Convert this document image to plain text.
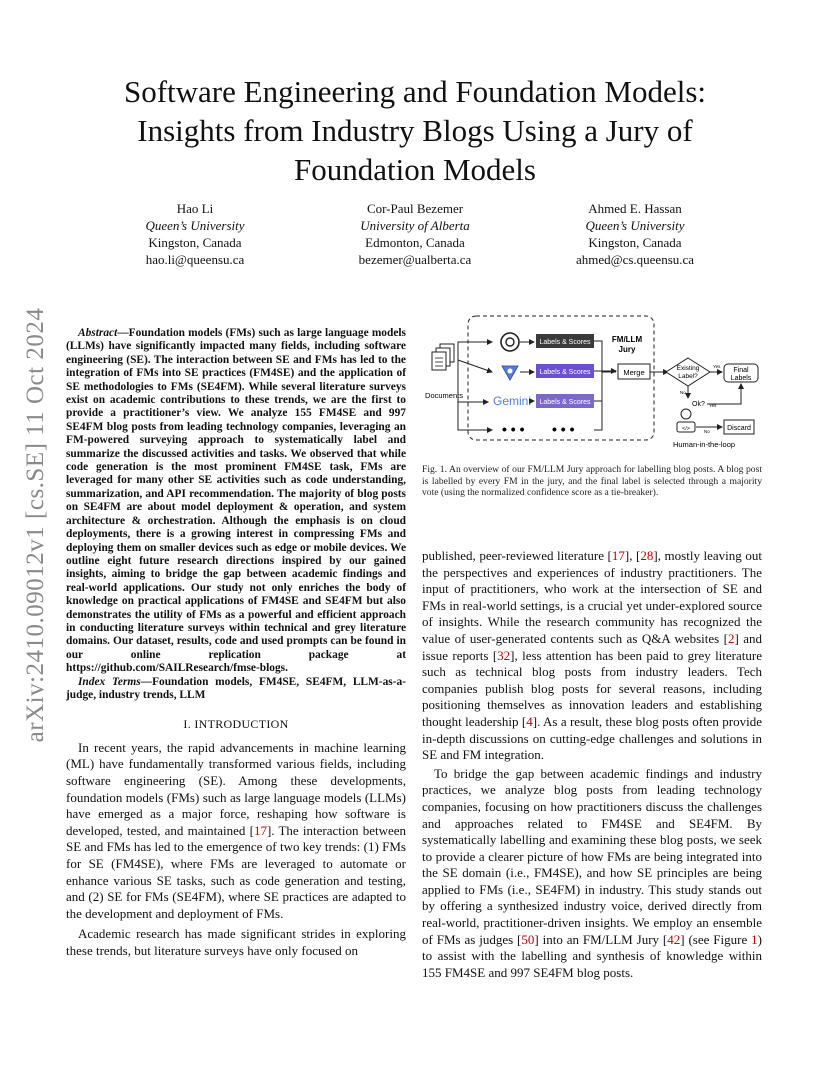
arXiv:2410.09012v1 [cs.SE] 11 Oct 2024
Software Engineering and Foundation Models:
Insights from Industry Blogs Using a Jury of
Foundation Models
Hao Li
Queen’s University
Kingston, Canada
hao.li@queensu.ca
Cor-Paul Bezemer
University of Alberta
Edmonton, Canada
bezemer@ualberta.ca
Ahmed E. Hassan
Queen’s University
Kingston, Canada
ahmed@cs.queensu.ca

Abstract—Foundation models (FMs) such as large language models (LLMs) have significantly impacted many fields, including software engineering (SE). The interaction between SE and FMs has led to the integration of FMs into SE practices (FM4SE) and the application of SE methodologies to FMs (SE4FM). While several literature surveys exist on academic contributions to these trends, we are the first to provide a practitioner’s view. We analyze 155 FM4SE and 997 SE4FM blog posts from leading technology companies, leveraging an FM-powered surveying approach to systematically label and summarize the discussed activities and tasks. We observed that while code generation is the most prominent FM4SE task, FMs are leveraged for many other SE activities such as code understanding, summarization, and API recommendation. The majority of blog posts on SE4FM are about model deployment & operation, and system architecture & orchestration. Although the emphasis is on cloud deployments, there is a growing interest in compressing FMs and deploying them on smaller devices such as edge or mobile devices. We outline eight future research directions inspired by our gained insights, aiming to bridge the gap between academic findings and real-world applications. Our study not only enriches the body of knowledge on practical applications of FM4SE and SE4FM but also demonstrates the utility of FMs as a powerful and efficient approach in conducting literature surveys within technical and grey literature domains. Our dataset, results, code and used prompts can be found in our online replication package at https://github.com/SAILResearch/fmse-blogs.

Index Terms—Foundation models, FM4SE, SE4FM, LLM-as-a-judge, industry trends, LLM

I. INTRODUCTION

In recent years, the rapid advancements in machine learning (ML) have fundamentally transformed various fields, including software engineering (SE). Among these developments, foundation models (FMs) such as large language models (LLMs) have emerged as a major force, reshaping how software is developed, tested, and maintained [17]. The interaction between SE and FMs has led to the emergence of two key trends: (1) FMs for SE (FM4SE), where FMs are leveraged to automate or enhance various SE tasks, such as code generation and testing, and (2) SE for FMs (SE4FM), where SE practices are adapted to the development and deployment of FMs.

Academic research has made significant strides in exploring these trends, but literature surveys have only focused on

FM/LLM
Jury
Documents	Gemini
Labels & Scores
Labels & Scores
Labels & Scores
• • • • • •
Merge	Existing
Label?
Yes
Final
Labels
No
Ok? Yes
</>	No Discard
Human-in-the-loop
Fig. 1. An overview of our FM/LLM Jury approach for labelling blog posts. A blog post is labelled by every FM in the jury, and the final label is selected through a majority vote (using the normalized confidence score as a tie-breaker).

published, peer-reviewed literature [17], [28], mostly leaving out the perspectives and experiences of industry practitioners. The input of practitioners, who work at the intersection of SE and FMs in real-world settings, is a crucial yet under-explored source of insights. While the research community has recognized the value of user-generated contents such as Q&A websites [2] and issue reports [32], less attention has been paid to grey literature such as technical blog posts from industry leaders. Tech companies publish blog posts for several reasons, including positioning themselves as innovation leaders and establishing thought leadership [4]. As a result, these blog posts often provide in-depth discussions on cutting-edge challenges and solutions in SE and FM integration.

To bridge the gap between academic findings and industry practices, we analyze blog posts from leading technology companies, focusing on how practitioners discuss the challenges and approaches related to FM4SE and SE4FM. By systematically labelling and examining these blog posts, we seek to provide a clearer picture of how FMs are being integrated into the SE domain (i.e., FM4SE), and how SE principles are being applied to FMs (i.e., SE4FM) in industry. This study stands out by offering a synthesized industry voice, derived directly from real-world, practitioner-driven insights. We employ an ensemble of FMs as judges [50] into an FM/LLM Jury [42] (see Figure 1) to assist with the labelling and synthesis of knowledge within 155 FM4SE and 997 SE4FM blog posts.
